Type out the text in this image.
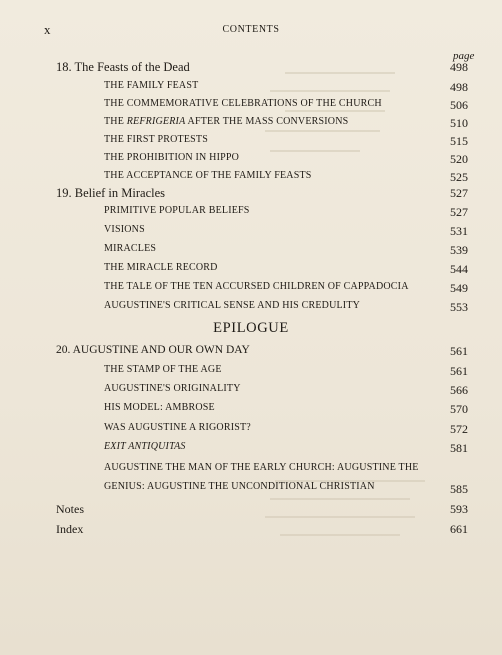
x	CONTENTS
page
18. The Feasts of the Dead	498
THE FAMILY FEAST	498
THE COMMEMORATIVE CELEBRATIONS OF THE CHURCH	506
THE REFRIGERIA AFTER THE MASS CONVERSIONS	510
THE FIRST PROTESTS	515
THE PROHIBITION IN HIPPO	520
THE ACCEPTANCE OF THE FAMILY FEASTS	525
19. Belief in Miracles	527
PRIMITIVE POPULAR BELIEFS	527
VISIONS	531
MIRACLES	539
THE MIRACLE RECORD	544
THE TALE OF THE TEN ACCURSED CHILDREN OF CAPPADOCIA	549
AUGUSTINE'S CRITICAL SENSE AND HIS CREDULITY	553
EPILOGUE
20. AUGUSTINE AND OUR OWN DAY	561
THE STAMP OF THE AGE	561
AUGUSTINE'S ORIGINALITY	566
HIS MODEL: AMBROSE	570
WAS AUGUSTINE A RIGORIST?	572
EXIT ANTIQUITAS	581
AUGUSTINE THE MAN OF THE EARLY CHURCH: AUGUSTINE THE
GENIUS: AUGUSTINE THE UNCONDITIONAL CHRISTIAN	585
Notes	593
Index	661
